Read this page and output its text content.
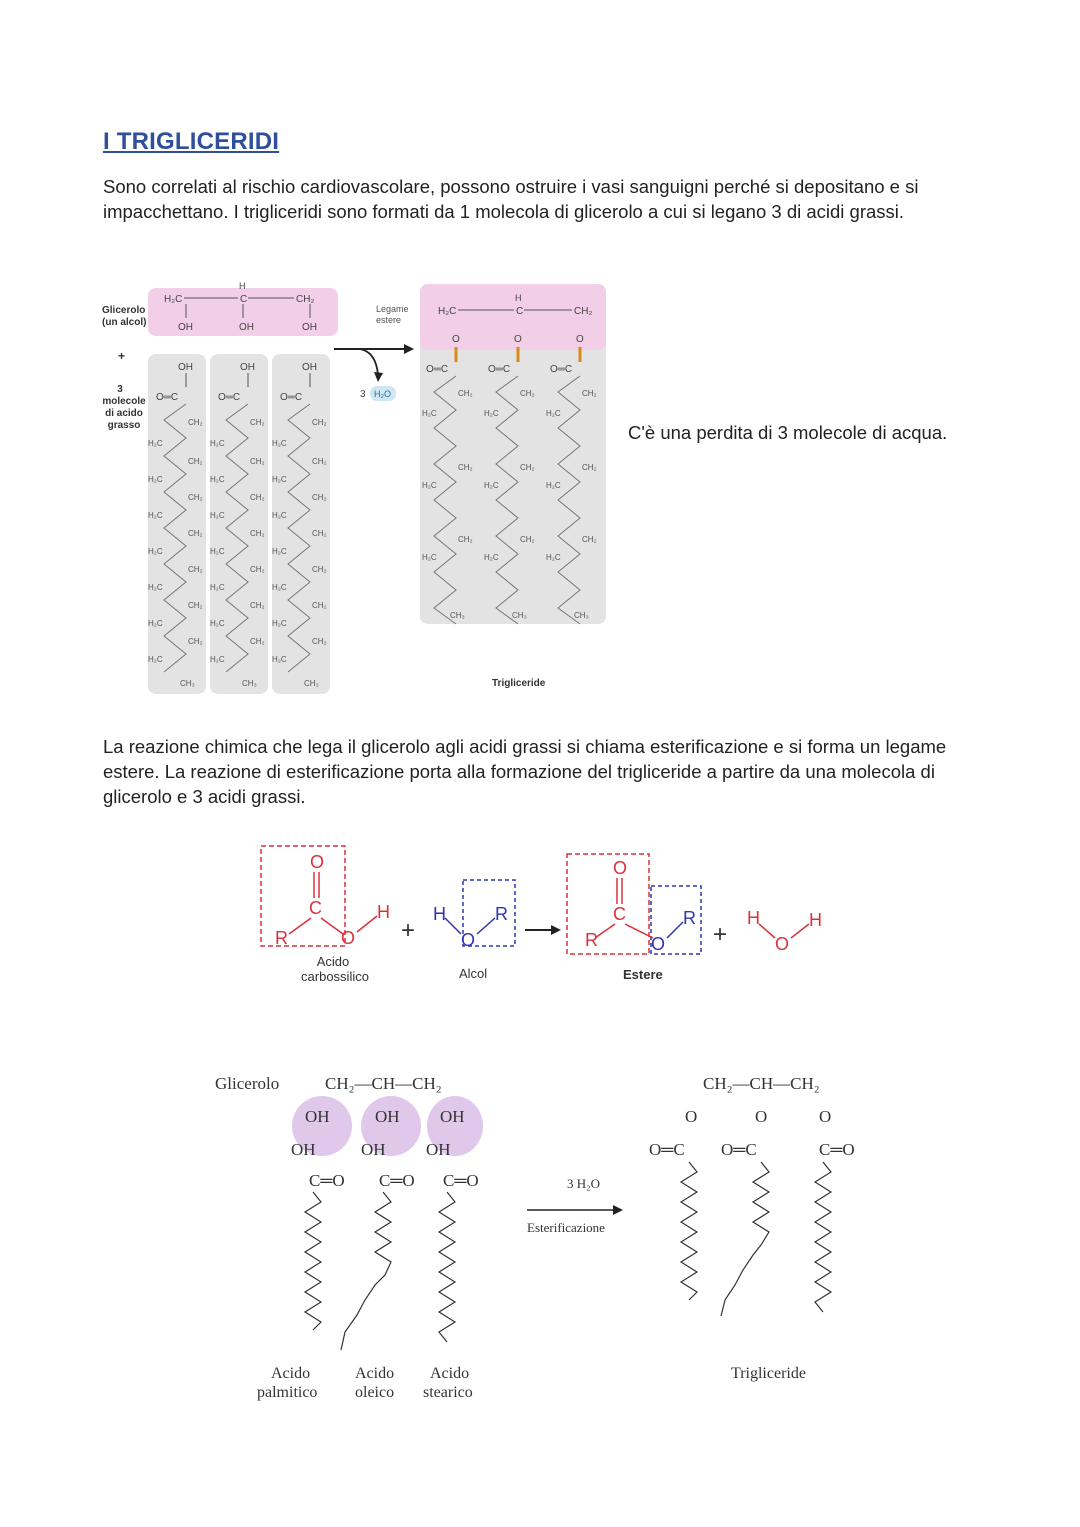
I TRIGLICERIDI
Sono correlati al rischio cardiovascolare, possono ostruire i vasi sanguigni perché si depositano e si impacchettano. I trigliceridi sono formati da 1 molecola di glicerolo a cui si legano 3 di acidi grassi.
Glicerolo
(un alcol)
+
3
molecole
di acido
grasso
H₂C
H
C	CH₂
OH	OH	OH
OH
O═C
CH₂
H₂C
CH₂
H₂C
CH₂
H₂C
CH₂
H₂C
CH₂
H₂C
CH₂
H₂C
CH₂
H₂C
CH₃
OH
O═C
CH₂
H₂C
CH₂
H₂C
CH₂
H₂C
CH₂
H₂C
CH₂
H₂C
CH₂
H₂C
CH₂
H₂C
CH₃
OH
O═C
CH₂
H₂C
CH₂
H₂C
CH₂
H₂C
CH₂
H₂C
CH₂
H₂C
CH₂
H₂C
CH₂
H₂C
CH₃
Legame
estere
3 H₂O
H₂C
H
C	CH₂
O	O	O
O═C	O═C	O═C
CH₂
H₂C
CH₂
H₂C
CH₂
H₂C
CH₂
H₂C
CH₂
H₂C
CH₂
H₂C
CH₂
H₂C
CH₂
H₂C
CH₂
H₂C
CH₃	CH₃	CH₃
Trigliceride
C'è una perdita di 3 molecole di acqua.
La reazione chimica che lega il glicerolo agli acidi grassi si chiama esterificazione e si forma un legame estere. La reazione di esterificazione porta alla formazione del trigliceride a partire da una molecola di glicerolo e 3 acidi grassi.
O
C
R	O
H
Acido
carbossilico
+
H
O
R
Alcol
O
C
R	O
R
Estere
+
H
O
H
Glicerolo	CH₂—CH—CH₂
OH	OH OH
OH	OH OH
C═O C═O C═O
Acido
palmitico
Acido
oleico
Acido
stearico
3 H₂O
Esterificazione
CH₂—CH—CH₂
O	O	O
O═C O═C	C═O
Trigliceride
